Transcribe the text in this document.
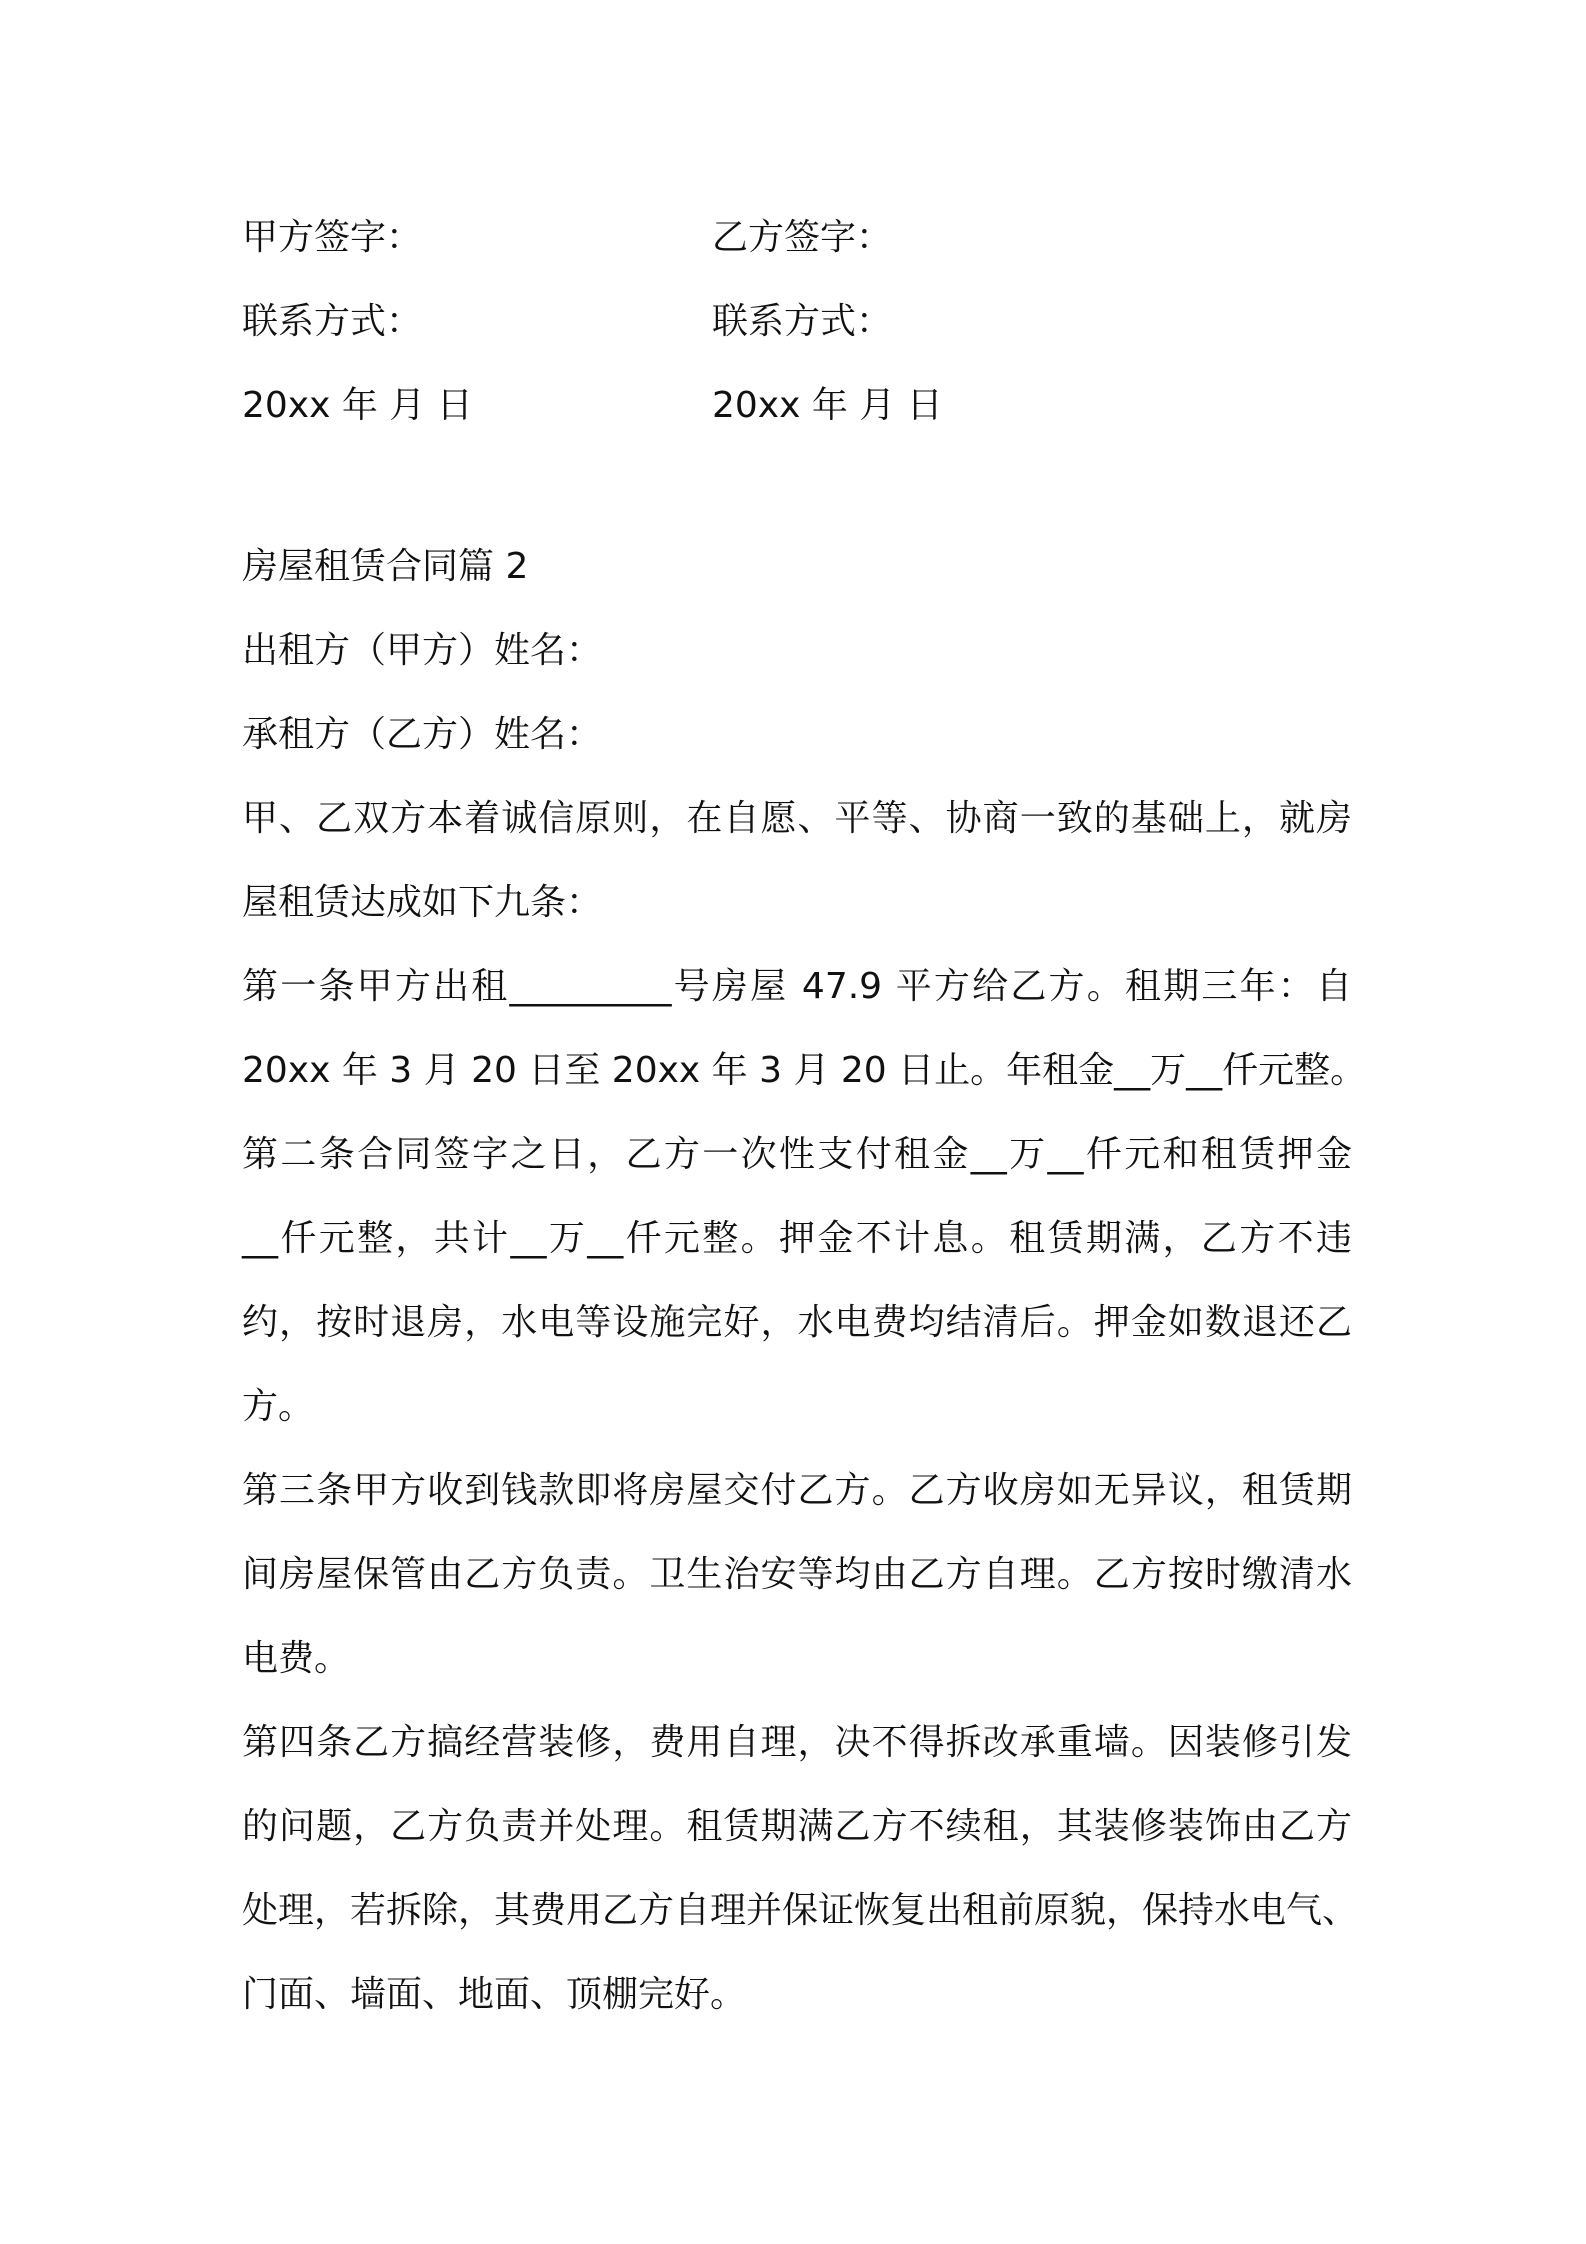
甲方签字：	乙方签字：
联系方式：	联系方式：
20xx 年 月 日	20xx 年 月 日
房屋租赁合同篇 2
出租方（甲方）姓名：
承租方（乙方）姓名：
甲、乙双方本着诚信原则，在自愿、平等、协商一致的基础上，就房
屋租赁达成如下九条：
第一条甲方出租_________号房屋 47.9 平方给乙方。租期三年：自
20xx 年 3 月 20 日至 20xx 年 3 月 20 日止。年租金__万__仟元整。
第二条合同签字之日，乙方一次性支付租金__万__仟元和租赁押金
__仟元整，共计__万__仟元整。押金不计息。租赁期满，乙方不违
约，按时退房，水电等设施完好，水电费均结清后。押金如数退还乙
方。
第三条甲方收到钱款即将房屋交付乙方。乙方收房如无异议，租赁期
间房屋保管由乙方负责。卫生治安等均由乙方自理。乙方按时缴清水
电费。
第四条乙方搞经营装修，费用自理，决不得拆改承重墙。因装修引发
的问题，乙方负责并处理。租赁期满乙方不续租，其装修装饰由乙方
处理，若拆除，其费用乙方自理并保证恢复出租前原貌，保持水电气、
门面、墙面、地面、顶棚完好。
